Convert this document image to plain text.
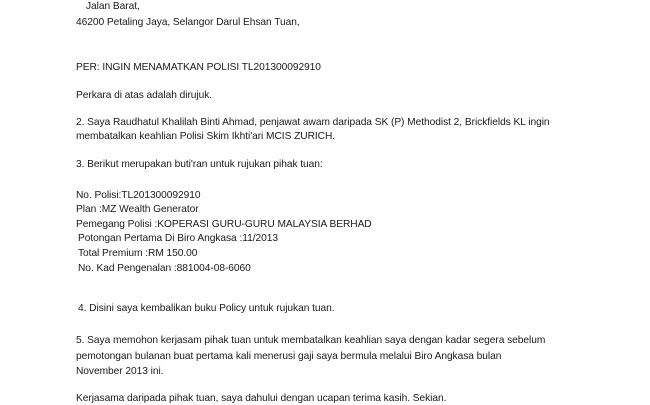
Jalan Barat,
46200 Petaling Jaya, Selangor Darul Ehsan Tuan,
PER: INGIN MENAMATKAN POLISI TL201300092910
Perkara di atas adalah dirujuk.
2. Saya Raudhatul Khalilah Binti Ahmad, penjawat awam daripada SK (P) Methodist 2, Brickfields KL ingin
membatalkan keahlian Polisi Skim Ikhti'ari MCIS ZURICH.
3. Berikut merupakan buti'ran untuk rujukan pihak tuan:
No. Polisi:TL201300092910
Plan :MZ Wealth Generator
Pemegang Polisi :KOPERASI GURU-GURU MALAYSIA BERHAD
Potongan Pertama Di Biro Angkasa :11/2013
Total Premium :RM 150.00
No. Kad Pengenalan :881004-08-6060
4. Disini saya kembalikan buku Policy untuk rujukan tuan.
5. Saya memohon kerjasam pihak tuan untuk membatalkan keahlian saya dengan kadar segera sebelum
pemotongan bulanan buat pertama kali menerusi gaji saya bermula melalui Biro Angkasa bulan
November 2013 ini.
Kerjasama daripada pihak tuan, saya dahului dengan ucapan terima kasih. Sekian.
